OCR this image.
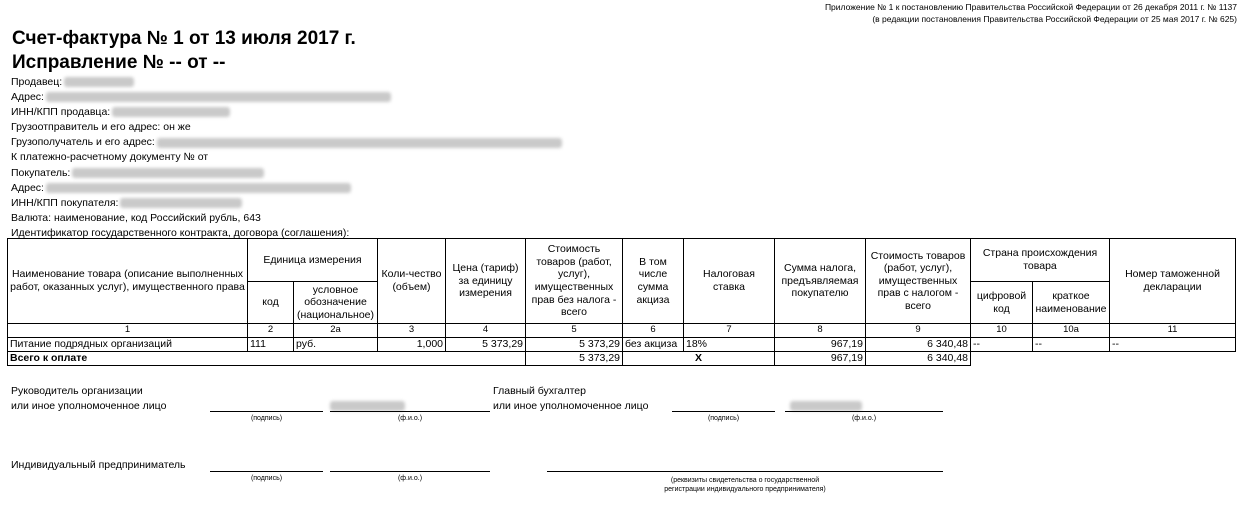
Приложение № 1 к постановлению Правительства Российской Федерации от 26 декабря 2011 г. № 1137
(в редакции постановления Правительства Российской Федерации от 25 мая 2017 г. № 625)
Счет-фактура № 1 от 13 июля 2017 г.
Исправление № -- от --
Продавец:
Адрес:
ИНН/КПП продавца:
Грузоотправитель и его адрес: он же
Грузополучатель и его адрес:
К платежно-расчетному документу № от
Покупатель:
Адрес:
ИНН/КПП покупателя:
Валюта: наименование, код Российский рубль, 643
Идентификатор государственного контракта, договора (соглашения):
Наименование товара (описание выполненных работ, оказанных услуг), имущественного права	Единица измерения		Коли-чество (объем)	Цена (тариф) за единицу измерения	Стоимость товаров (работ, услуг), имущественных прав без налога - всего	В том числе сумма акциза	Налоговая ставка	Сумма налога, предъявляемая покупателю	Стоимость товаров (работ, услуг), имущественных прав с налогом - всего	Страна происхождения товара		Номер таможенной декларации
	код	условное обозначение (национальное)								цифровой код	краткое наименование	
1	2	2а	3	4	5	6	7	8	9	10	10а	11
Питание подрядных организаций	111	руб.	1,000	5 373,29	5 373,29	без акциза	18%	967,19	6 340,48	--	--	--
Всего к оплате					5 373,29	X		967,19	6 340,48			
Руководитель организации
или иное уполномоченное лицо
(подпись)	(ф.и.о.)
Главный бухгалтер
или иное уполномоченное лицо
(подпись)	(ф.и.о.)
Индивидуальный предприниматель
(подпись)	(ф.и.о.)	(реквизиты свидетельства о государственной
регистрации индивидуального предпринимателя)
